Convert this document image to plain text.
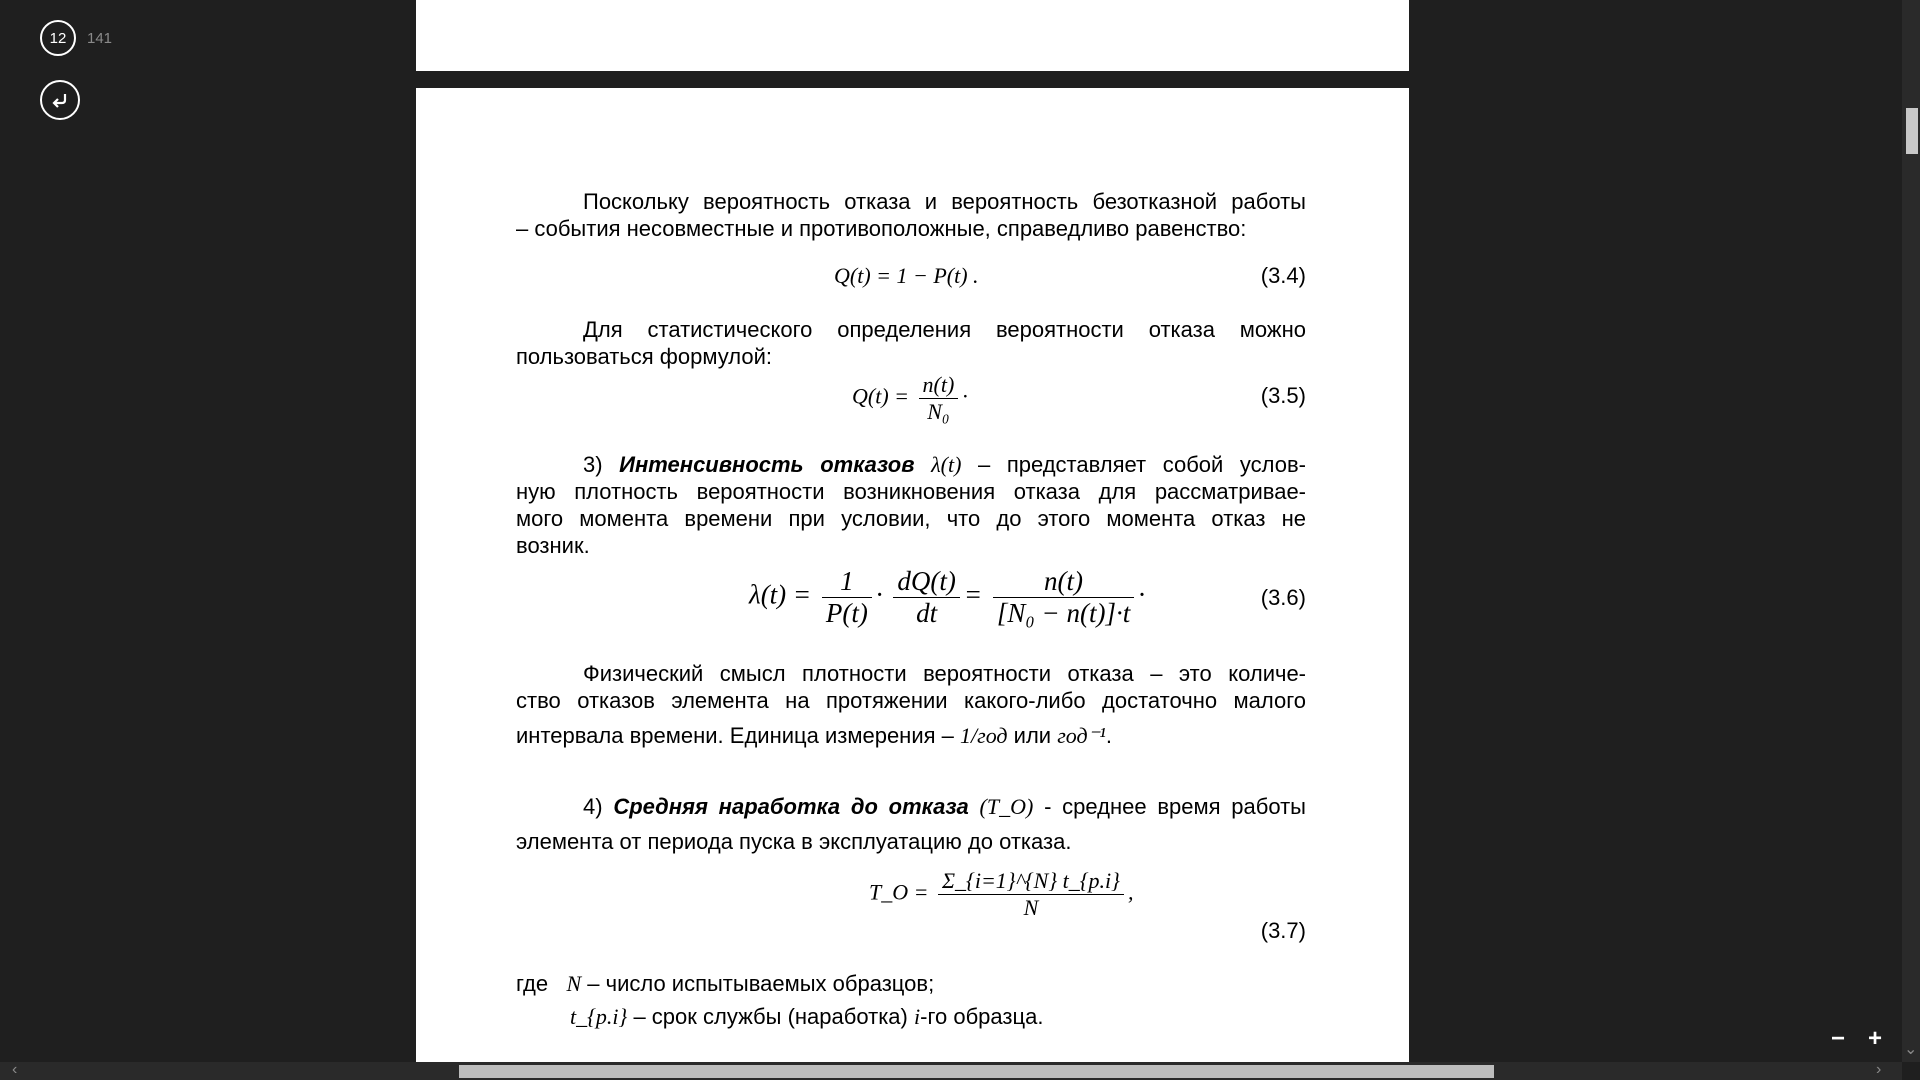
12 141
Поскольку вероятность отказа и вероятность безотказной работы
– события несовместные и противоположные, справедливо равенство:
Q(t) = 1 − P(t) .	(3.4)
Для статистического определения вероятности отказа можно
пользоваться формулой:
$Q(t) = \frac{n(t)}{\text{N₀}}$ ·	(3.5)
3) Интенсивность отказов λ(t) – представляет собой услов-
ную плотность вероятности возникновения отказа для рассматривае-
мого момента времени при условии, что до этого момента отказ не
возник.
$\lambda(t) = \frac{1}{P(t)} \cdot \frac{dQ(t)}{dt} = \frac{n(t)}{\text{[N₀ − n(t)]·t}}$ ·	(3.6)
Физический смысл плотности вероятности отказа – это количе-
ство отказов элемента на протяжении какого-либо достаточно малого
интервала времени. Единица измерения – 1/год или год⁻¹.
4) Средняя наработка до отказа (T_O) - среднее время работы
элемента от периода пуска в эксплуатацию до отказа.
T_O = $\frac{\Sigma\_\{i=1\}\^{}\{N\} t\_\{p.i\}}{N}$ ,
(3.7)
где N – число испытываемых образцов;
t_{p.i} – срок службы (наработка) i-го образца.
⌄
‹	›
− +
